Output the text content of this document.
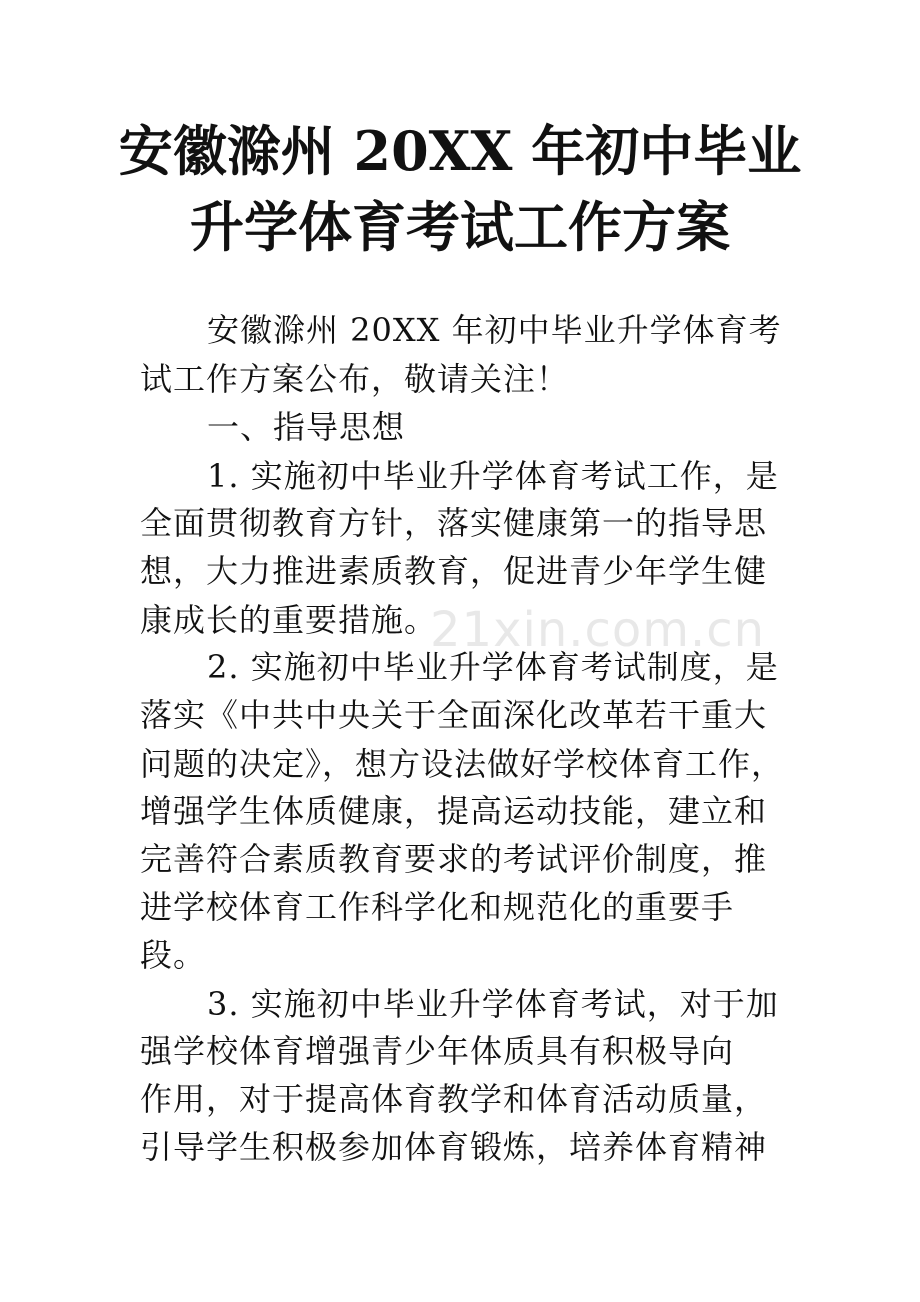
安徽滁州 20XX 年初中毕业
升学体育考试工作方案
安徽滁州 20XX 年初中毕业升学体育考
试工作方案公布，敬请关注！
一、指导思想
1. 实施初中毕业升学体育考试工作，是
全面贯彻教育方针，落实健康第一的指导思
想，大力推进素质教育，促进青少年学生健
康成长的重要措施。
2. 实施初中毕业升学体育考试制度，是
落实《中共中央关于全面深化改革若干重大
问题的决定》，想方设法做好学校体育工作，
增强学生体质健康，提高运动技能，建立和
完善符合素质教育要求的考试评价制度，推
进学校体育工作科学化和规范化的重要手
段。
3. 实施初中毕业升学体育考试，对于加
强学校体育增强青少年体质具有积极导向
作用，对于提高体育教学和体育活动质量，
引导学生积极参加体育锻炼，培养体育精神
21xin.com.cn
